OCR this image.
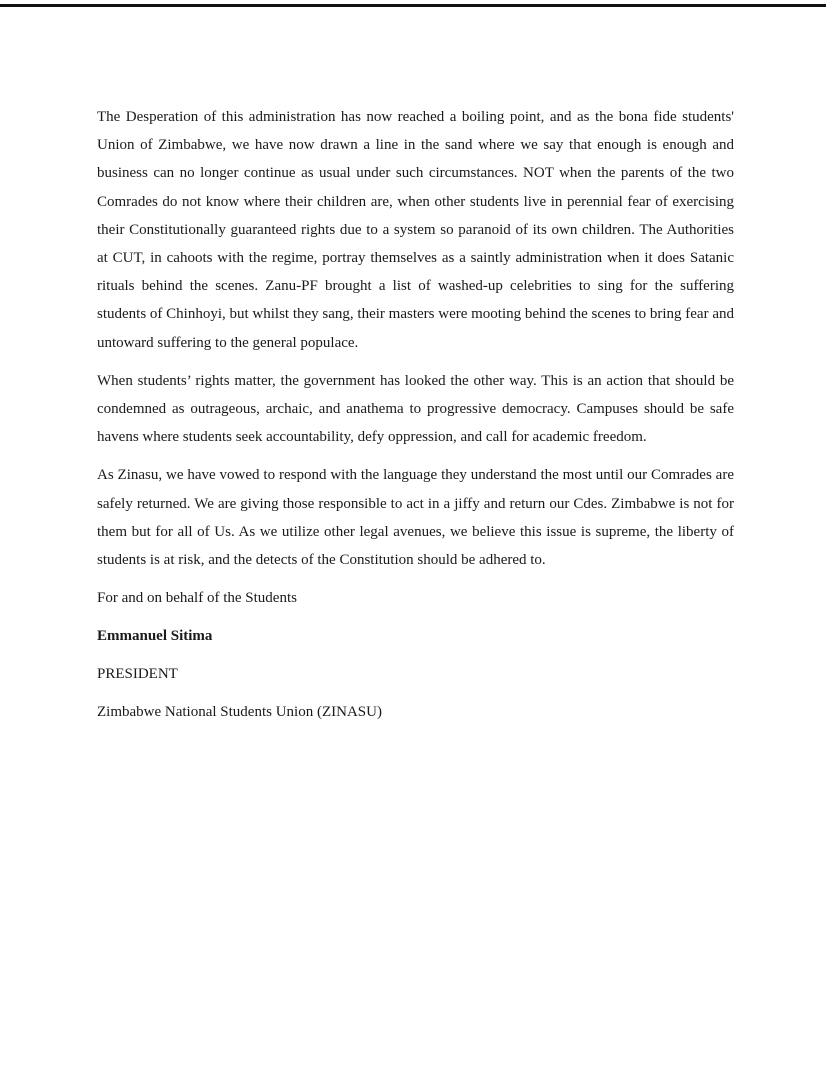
The Desperation of this administration has now reached a boiling point, and as the bona fide students' Union of Zimbabwe, we have now drawn a line in the sand where we say that enough is enough and business can no longer continue as usual under such circumstances. NOT when the parents of the two Comrades do not know where their children are, when other students live in perennial fear of exercising their Constitutionally guaranteed rights due to a system so paranoid of its own children. The Authorities at CUT, in cahoots with the regime, portray themselves as a saintly administration when it does Satanic rituals behind the scenes. Zanu-PF brought a list of washed-up celebrities to sing for the suffering students of Chinhoyi, but whilst they sang, their masters were mooting behind the scenes to bring fear and untoward suffering to the general populace.

When students’ rights matter, the government has looked the other way. This is an action that should be condemned as outrageous, archaic, and anathema to progressive democracy. Campuses should be safe havens where students seek accountability, defy oppression, and call for academic freedom.

As Zinasu, we have vowed to respond with the language they understand the most until our Comrades are safely returned. We are giving those responsible to act in a jiffy and return our Cdes. Zimbabwe is not for them but for all of Us. As we utilize other legal avenues, we believe this issue is supreme, the liberty of students is at risk, and the detects of the Constitution should be adhered to.

For and on behalf of the Students

Emmanuel Sitima

PRESIDENT

Zimbabwe National Students Union (ZINASU)
